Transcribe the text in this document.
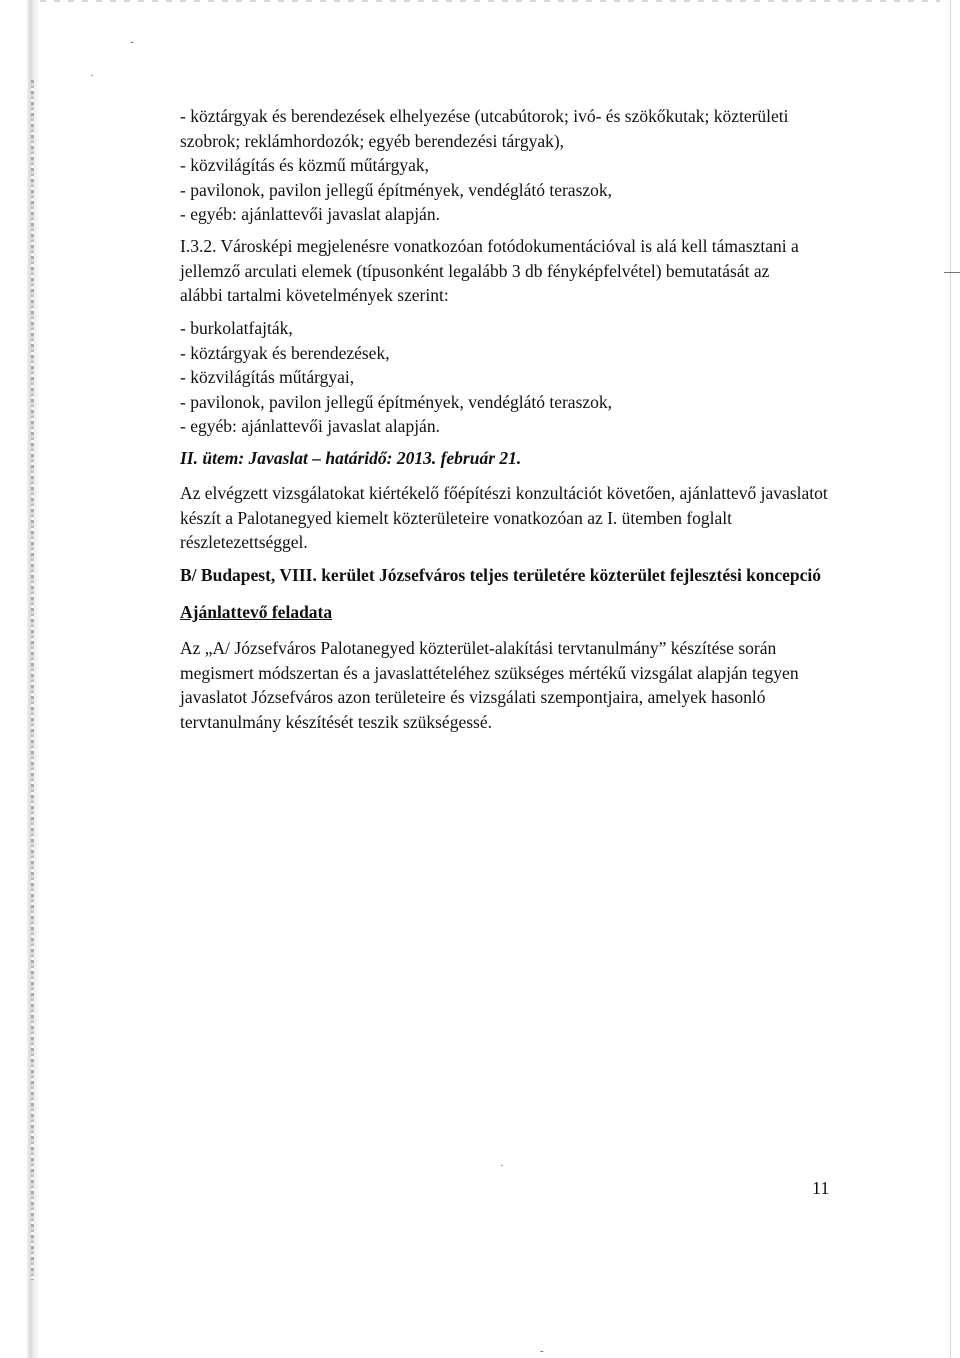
ˇ
·
·
-
- köztárgyak és berendezések elhelyezése (utcabútorok; ivó- és szökőkutak; közterületi
szobrok; reklámhordozók; egyéb berendezési tárgyak),
- közvilágítás és közmű műtárgyak,
- pavilonok, pavilon jellegű építmények, vendéglátó teraszok,
- egyéb: ajánlattevői javaslat alapján.
I.3.2. Városképi megjelenésre vonatkozóan fotódokumentációval is alá kell támasztani a
jellemző arculati elemek (típusonként legalább 3 db fényképfelvétel) bemutatását az
alábbi tartalmi követelmények szerint:
- burkolatfajták,
- köztárgyak és berendezések,
- közvilágítás műtárgyai,
- pavilonok, pavilon jellegű építmények, vendéglátó teraszok,
- egyéb: ajánlattevői javaslat alapján.
II. ütem: Javaslat – határidő: 2013. február 21.
Az elvégzett vizsgálatokat kiértékelő főépítészi konzultációt követően, ajánlattevő javaslatot
készít a Palotanegyed kiemelt közterületeire vonatkozóan az I. ütemben foglalt
részletezettséggel.
B/ Budapest, VIII. kerület Józsefváros teljes területére közterület fejlesztési koncepció
Ajánlattevő feladata
Az „A/ Józsefváros Palotanegyed közterület-alakítási tervtanulmány” készítése során
megismert módszertan és a javaslattételéhez szükséges mértékű vizsgálat alapján tegyen
javaslatot Józsefváros azon területeire és vizsgálati szempontjaira, amelyek hasonló
tervtanulmány készítését teszik szükségessé.
11
